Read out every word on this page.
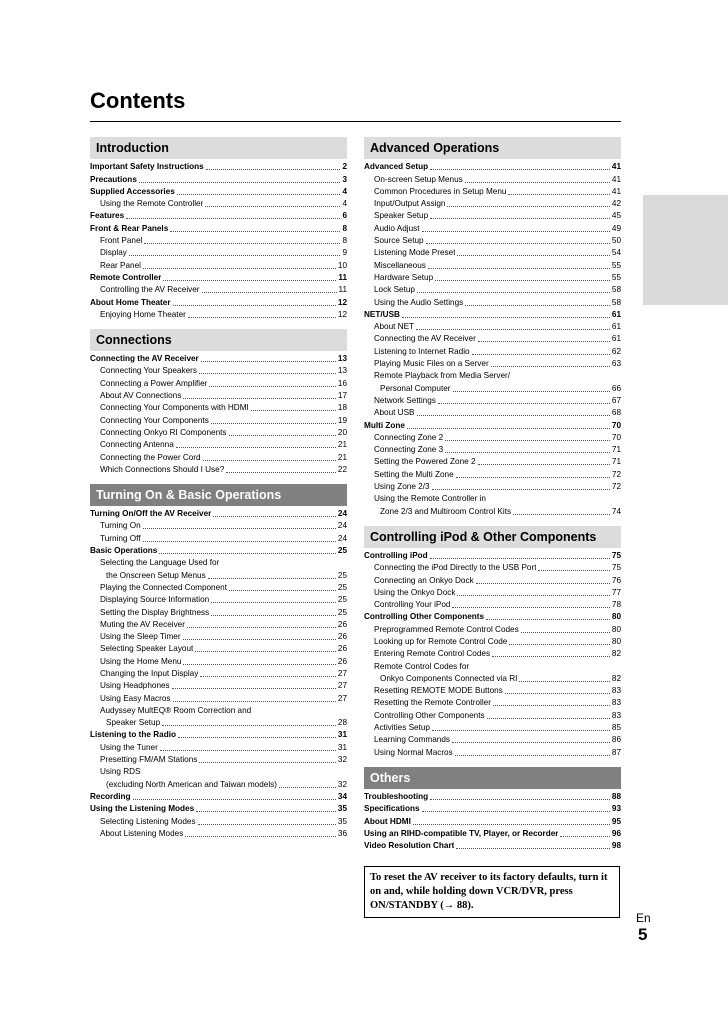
Contents
Introduction
Important Safety Instructions	2
Precautions	3
Supplied Accessories	4
Using the Remote Controller	4
Features	6
Front & Rear Panels	8
Front Panel	8
Display	9
Rear Panel	10
Remote Controller	11
Controlling the AV Receiver	11
About Home Theater	12
Enjoying Home Theater	12
Connections
Connecting the AV Receiver	13
Connecting Your Speakers	13
Connecting a Power Amplifier	16
About AV Connections	17
Connecting Your Components with HDMI	18
Connecting Your Components	19
Connecting Onkyo RI Components	20
Connecting Antenna	21
Connecting the Power Cord	21
Which Connections Should I Use?	22
Turning On & Basic Operations
Turning On/Off the AV Receiver	24
Turning On	24
Turning Off	24
Basic Operations	25
Selecting the Language Used for
the Onscreen Setup Menus	25
Playing the Connected Component	25
Displaying Source Information	25
Setting the Display Brightness	25
Muting the AV Receiver	26
Using the Sleep Timer	26
Selecting Speaker Layout	26
Using the Home Menu	26
Changing the Input Display	27
Using Headphones	27
Using Easy Macros	27
Audyssey MultEQ® Room Correction and
Speaker Setup	28
Listening to the Radio	31
Using the Tuner	31
Presetting FM/AM Stations	32
Using RDS
(excluding North American and Taiwan models)	32
Recording	34
Using the Listening Modes	35
Selecting Listening Modes	35
About Listening Modes	36
Advanced Operations
Advanced Setup	41
On-screen Setup Menus	41
Common Procedures in Setup Menu	41
Input/Output Assign	42
Speaker Setup	45
Audio Adjust	49
Source Setup	50
Listening Mode Preset	54
Miscellaneous	55
Hardware Setup	55
Lock Setup	58
Using the Audio Settings	58
NET/USB	61
About NET	61
Connecting the AV Receiver	61
Listening to Internet Radio	62
Playing Music Files on a Server	63
Remote Playback from Media Server/
Personal Computer	66
Network Settings	67
About USB	68
Multi Zone	70
Connecting Zone 2	70
Connecting Zone 3	71
Setting the Powered Zone 2	71
Setting the Multi Zone	72
Using Zone 2/3	72
Using the Remote Controller in
Zone 2/3 and Multiroom Control Kits	74
Controlling iPod & Other Components
Controlling iPod	75
Connecting the iPod Directly to the USB Port	75
Connecting an Onkyo Dock	76
Using the Onkyo Dock	77
Controlling Your iPod	78
Controlling Other Components	80
Preprogrammed Remote Control Codes	80
Looking up for Remote Control Code	80
Entering Remote Control Codes	82
Remote Control Codes for
Onkyo Components Connected via RI	82
Resetting REMOTE MODE Buttons	83
Resetting the Remote Controller	83
Controlling Other Components	83
Activities Setup	85
Learning Commands	86
Using Normal Macros	87
Others
Troubleshooting	88
Specifications	93
About HDMI	95
Using an RIHD-compatible TV, Player, or Recorder	96
Video Resolution Chart	98
To reset the AV receiver to its factory defaults, turn it on and, while holding down VCR/DVR, press ON/STANDBY (→ 88).
En
5
